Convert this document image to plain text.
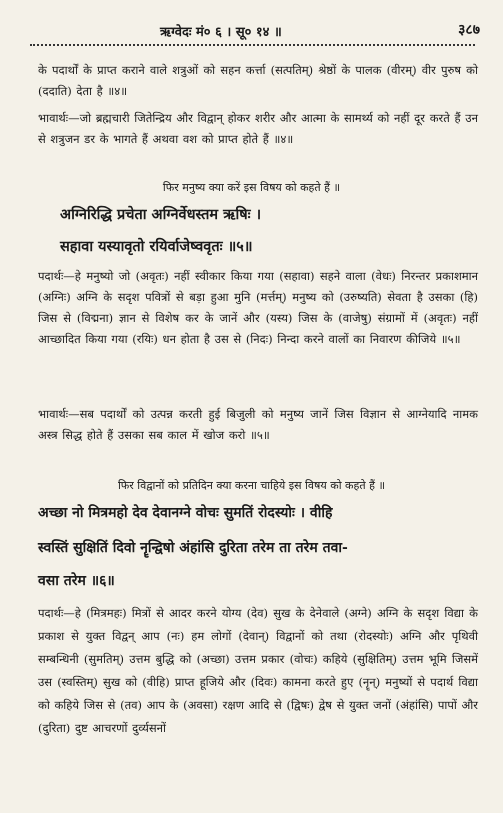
ऋग्वेदः मं० ६ । सू० १४ ॥	३८७
के पदार्थों के प्राप्त कराने वाले शत्रुओं को सहन कर्त्ता (सत्पतिम्) श्रेष्ठों के पालक (वीरम्) वीर पुरुष को (ददाति) देता है ॥४॥
भावार्थः—जो ब्रह्मचारी जितेन्द्रिय और विद्वान् होकर शरीर और आत्मा के सामर्थ्य को नहीं दूर करते हैं उन से शत्रुजन डर के भागते हैं अथवा वश को प्राप्त होते हैं ॥४॥
फिर मनुष्य क्या करें इस विषय को कहते हैं ॥
अग्निरिद्धि प्रचेता अग्निर्वेधस्तम ऋषिः ।
सहावा यस्यावृतो रयिर्वाजेष्ववृतः ॥५॥
पदार्थः—हे मनुष्यो जो (अवृतः) नहीं स्वीकार किया गया (सहावा) सहने वाला (वेधः) निरन्तर प्रकाशमान (अग्निः) अग्नि के सदृश पवित्रों से बड़ा हुआ मुनि (मर्त्तम्) मनुष्य को (उरुष्यति) सेवता है उसका (हि) जिस से (विद्मना) ज्ञान से विशेष कर के जानें और (यस्य) जिस के (वाजेषु) संग्रामों में (अवृतः) नहीं आच्छादित किया गया (रयिः) धन होता है उस से (निदः) निन्दा करने वालों का निवारण कीजिये ॥५॥
भावार्थः—सब पदार्थों को उत्पन्न करती हुई बिजुली को मनुष्य जानें जिस विज्ञान से आग्नेयादि नामक अस्त्र सिद्ध होते हैं उसका सब काल में खोज करो ॥५॥
फिर विद्वानों को प्रतिदिन क्या करना चाहिये इस विषय को कहते हैं ॥
अच्छा नो मित्रमहो देव देवानग्ने वोचः सुमतिं रोदस्योः । वीहि
स्वस्तिं सुक्षितिं दिवो नॄन्द्विषो अंहांसि दुरिता तरेम ता तरेम तवा-
वसा तरेम ॥६॥
पदार्थः—हे (मित्रमहः) मित्रों से आदर करने योग्य (देव) सुख के देनेवाले (अग्ने) अग्नि के सदृश विद्या के प्रकाश से युक्त विद्वन् आप (नः) हम लोगों (देवान्) विद्वानों को तथा (रोदस्योः) अग्नि और पृथिवी सम्बन्धिनी (सुमतिम्) उत्तम बुद्धि को (अच्छा) उत्तम प्रकार (वोचः) कहिये (सुक्षितिम्) उत्तम भूमि जिसमें उस (स्वस्तिम्) सुख को (वीहि) प्राप्त हूजिये और (दिवः) कामना करते हुए (नॄन्) मनुष्यों से पदार्थ विद्या को कहिये जिस से (तव) आप के (अवसा) रक्षण आदि से (द्विषः) द्वेष से युक्त जनों (अंहांसि) पापों और (दुरिता) दुष्ट आचरणों दुर्व्यसनों
